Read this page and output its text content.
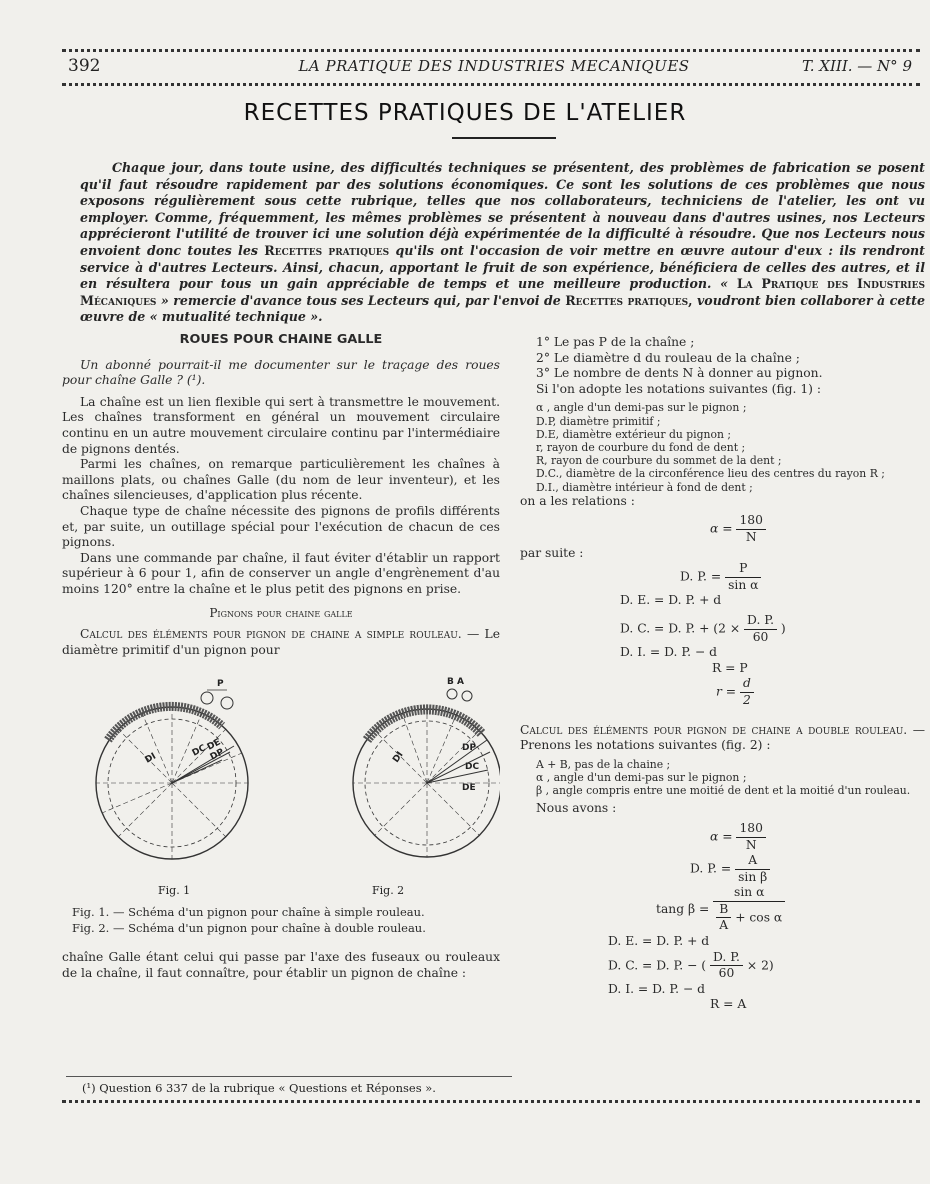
392	LA PRATIQUE DES INDUSTRIES MECANIQUES	T. XIII. — N° 9
RECETTES PRATIQUES DE L'ATELIER
Chaque jour, dans toute usine, des difficultés techniques se présentent, des problèmes de fabrication se posent qu'il faut résoudre rapidement par des solutions économiques. Ce sont les solutions de ces problèmes que nous exposons régulièrement sous cette rubrique, telles que nos collaborateurs, techniciens de l'atelier, les ont vu employer. Comme, fréquemment, les mêmes problèmes se présentent à nouveau dans d'autres usines, nos Lecteurs apprécieront l'utilité de trouver ici une solution déjà expérimentée de la difficulté à résoudre. Que nos Lecteurs nous envoient donc toutes les Recettes pratiques qu'ils ont l'occasion de voir mettre en œuvre autour d'eux : ils rendront service à d'autres Lecteurs. Ainsi, chacun, apportant le fruit de son expérience, bénéficiera de celles des autres, et il en résultera pour tous un gain appréciable de temps et une meilleure production. « La Pratique des Industries Mécaniques » remercie d'avance tous ses Lecteurs qui, par l'envoi de Recettes pratiques, voudront bien collaborer à cette œuvre de « mutualité technique ».
ROUES POUR CHAINE GALLE

Un abonné pourrait-il me documenter sur le traçage des roues pour chaîne Galle ? (¹).

La chaîne est un lien flexible qui sert à transmettre le mouvement. Les chaînes transforment en général un mouvement circulaire continu en un autre mouvement circulaire continu par l'intermédiaire de pignons dentés.

Parmi les chaînes, on remarque particulièrement les chaînes à maillons plats, ou chaînes Galle (du nom de leur inventeur), et les chaînes silencieuses, d'application plus récente.

Chaque type de chaîne nécessite des pignons de profils différents et, par suite, un outillage spécial pour l'exécution de chacun de ces pignons.

Dans une commande par chaîne, il faut éviter d'établir un rapport supérieur à 6 pour 1, afin de conserver un angle d'engrènement d'au moins 120° entre la chaîne et le plus petit des pignons en prise.

Pignons pour chaine galle

Calcul des éléments pour pignon de chaine a simple rouleau. — Le diamètre primitif d'un pignon pour

P
DI	DC
DE
DP
B A
DI
DP
DC
DE
Fig. 1	Fig. 2
Fig. 1. — Schéma d'un pignon pour chaîne à simple rouleau.
Fig. 2. — Schéma d'un pignon pour chaîne à double rouleau.

chaîne Galle étant celui qui passe par l'axe des fuseaux ou rouleaux de la chaîne, il faut connaître, pour établir un pignon de chaîne :

(¹) Question 6 337 de la rubrique « Questions et Réponses ».

1° Le pas P de la chaîne ;

2° Le diamètre d du rouleau de la chaîne ;

3° Le nombre de dents N à donner au pignon.

Si l'on adopte les notations suivantes (fig. 1) :

α , angle d'un demi-pas sur le pignon ;
D.P, diamètre primitif ;
D.E, diamètre extérieur du pignon ;
r, rayon de courbure du fond de dent ;
R, rayon de courbure du sommet de la dent ;
D.C., diamètre de la circonférence lieu des centres du rayon R ;
D.I., diamètre intérieur à fond de dent ;

on a les relations :

$\alpha = \frac{180}{N}$

par suite :

D. P. = $\frac{P}{\text{sin α}}$
D. E. = D. P. + d
D. C. = D. P. + ($2 \times \frac{D. P.}{60}$ )
D. I. = D. P. − d
R = P
$r = \frac{d}{2}$

Calcul des éléments pour pignon de chaine a double rouleau. — Prenons les notations suivantes (fig. 2) :

A + B, pas de la chaine ;
α , angle d'un demi-pas sur le pignon ;
β , angle compris entre une moitié de dent et la moitié d'un rouleau.

Nous avons :

$\alpha = \frac{180}{N}$
D. P. = $\frac{A}{\text{sin β}}$
tang $\beta = \frac{\text{sin α}}{\frac{B}{A} + \cos \alpha}$
D. E. = D. P. + d
D. C. = D. P. − ( $\frac{D. P.}{60} \times 2$)
D. I. = D. P. − d
R = A
